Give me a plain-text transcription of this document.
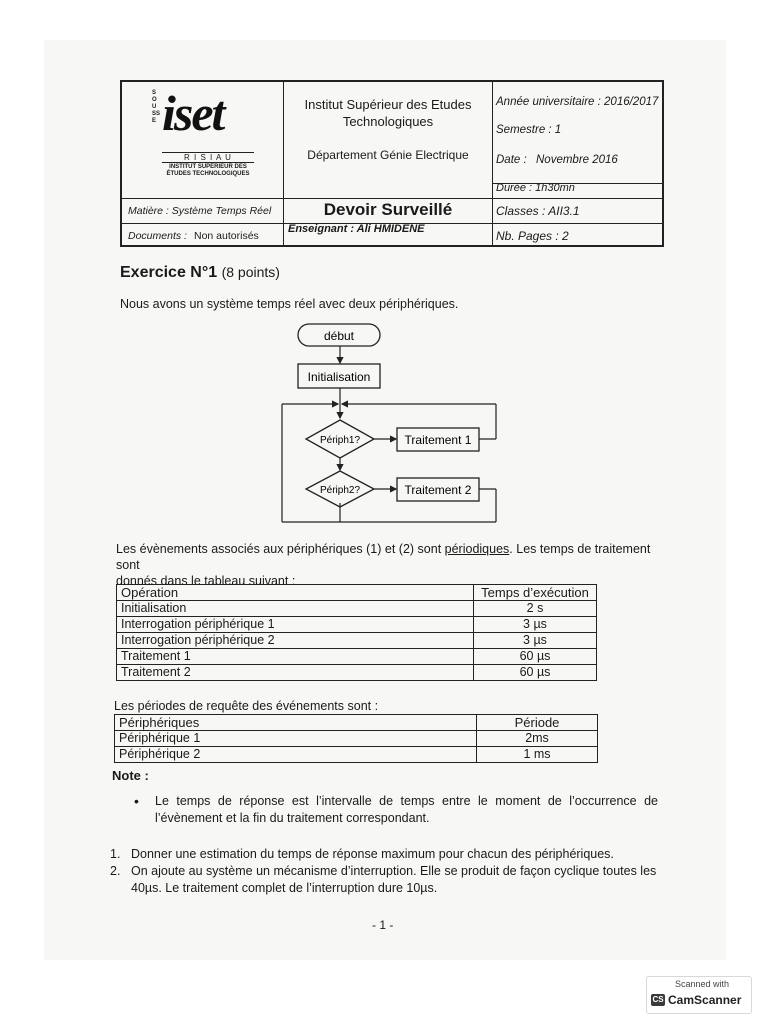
iset
SOUSSE
R I S I A U
INSTITUT SUPÉRIEUR DES ÉTUDES TECHNOLOGIQUES
Institut Supérieur des Etudes Technologiques
Département Génie Electrique
Devoir Surveillé
Enseignant : Ali HMIDENE
Année universitaire : 2016/2017
Semestre : 1
Date : Novembre 2016
Durée : 1h30mn
Classes : AII3.1
Nb. Pages : 2
Matière : Système Temps Réel
Documents : Non autorisés
Exercice N°1 (8 points)
Nous avons un système temps réel avec deux périphériques.
début
Initialisation
Périph1?	Traitement 1
Périph2?	Traitement 2
Les évènements associés aux périphériques (1) et (2) sont périodiques. Les temps de traitement sont
donnés dans le tableau suivant :
Opération	Temps d’exécution
Initialisation	2 s
Interrogation périphérique 1	3 µs
Interrogation périphérique 2	3 µs
Traitement 1	60 µs
Traitement 2	60 µs
Les périodes de requête des événements sont :
Périphériques	Période
Périphérique 1	2ms
Périphérique 2	1 ms
Note :
• Le temps de réponse est l’intervalle de temps entre le moment de l’occurrence de
l’évènement et la fin du traitement correspondant.
1. Donner une estimation du temps de réponse maximum pour chacun des périphériques.
2. On ajoute au système un mécanisme d’interruption. Elle se produit de façon cyclique toutes les
40µs. Le traitement complet de l’interruption dure 10µs.
- 1 -
Scanned with
CS CamScanner
